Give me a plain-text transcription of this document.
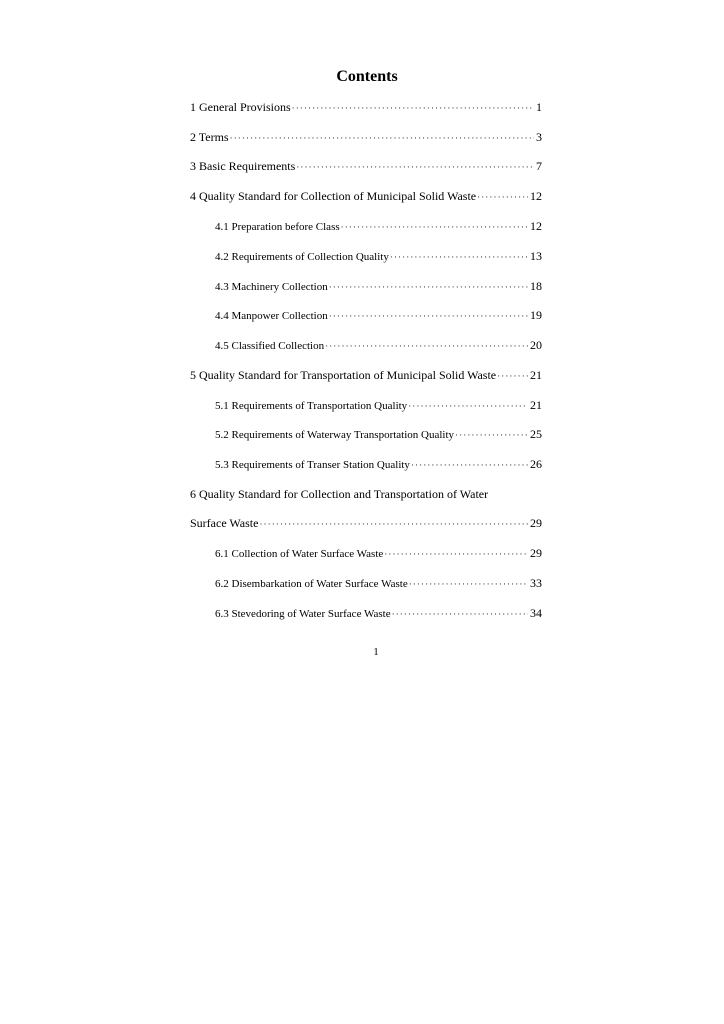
Contents
1 General Provisions ·····	1
2 Terms ·····	3
3 Basic Requirements ·····	7
4 Quality Standard for Collection of Municipal Solid Waste ·····	12
4.1 Preparation before Class ·····	12
4.2 Requirements of Collection Quality ·····	13
4.3 Machinery Collection ·····	18
4.4 Manpower Collection ·····	19
4.5 Classified Collection ·····	20
5 Quality Standard for Transportation of Municipal Solid Waste ·····	21
5.1 Requirements of Transportation Quality ·····	21
5.2 Requirements of Waterway Transportation Quality ·····	25
5.3 Requirements of Transer Station Quality ·····	26
6 Quality Standard for Collection and Transportation of Water
Surface Waste ·····	29
6.1 Collection of Water Surface Waste ·····	29
6.2 Disembarkation of Water Surface Waste ·····	33
6.3 Stevedoring of Water Surface Waste ·····	34
1
